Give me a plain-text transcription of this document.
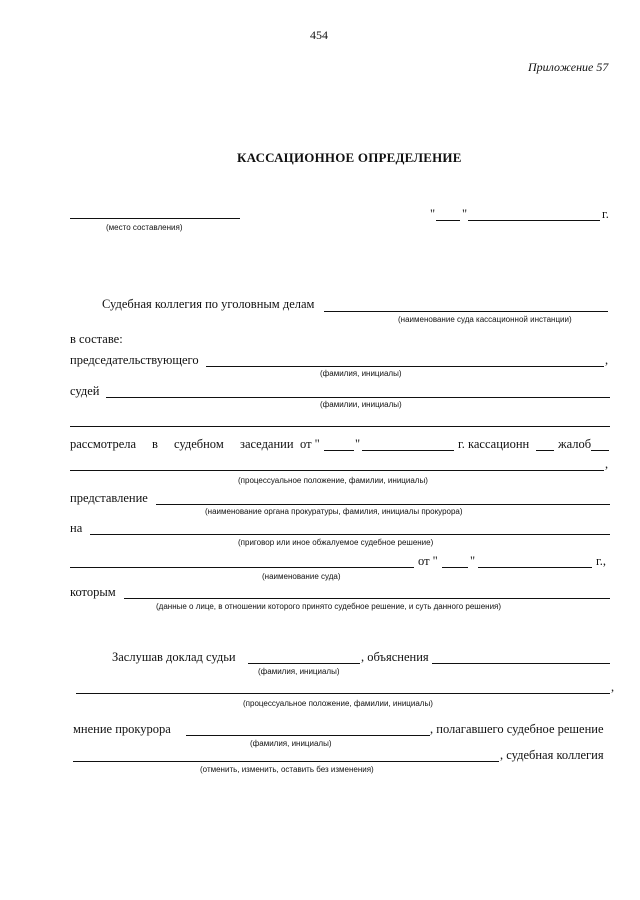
454
Приложение 57
КАССАЦИОННОЕ ОПРЕДЕЛЕНИЕ
(место составления)
" "	г.
Судебная коллегия по уголовным делам
(наименование суда кассационной инстанции)
в составе:
председательствующего	,
(фамилия, инициалы)
судей
(фамилии, инициалы)
рассмотрела в судебном заседании от "	"	г. кассационн жалоб
,
(процессуальное положение, фамилии, инициалы)
представление
(наименование органа прокуратуры, фамилия, инициалы прокурора)
на
(приговор или иное обжалуемое судебное решение)
от "	"	г.,
(наименование суда)
которым
(данные о лице, в отношении которого принято судебное решение, и суть данного решения)
Заслушав доклад судьи	, объяснения
(фамилия, инициалы)
,
(процессуальное положение, фамилии, инициалы)
мнение прокурора	, полагавшего судебное решение
(фамилия, инициалы)
, судебная коллегия
(отменить, изменить, оставить без изменения)
